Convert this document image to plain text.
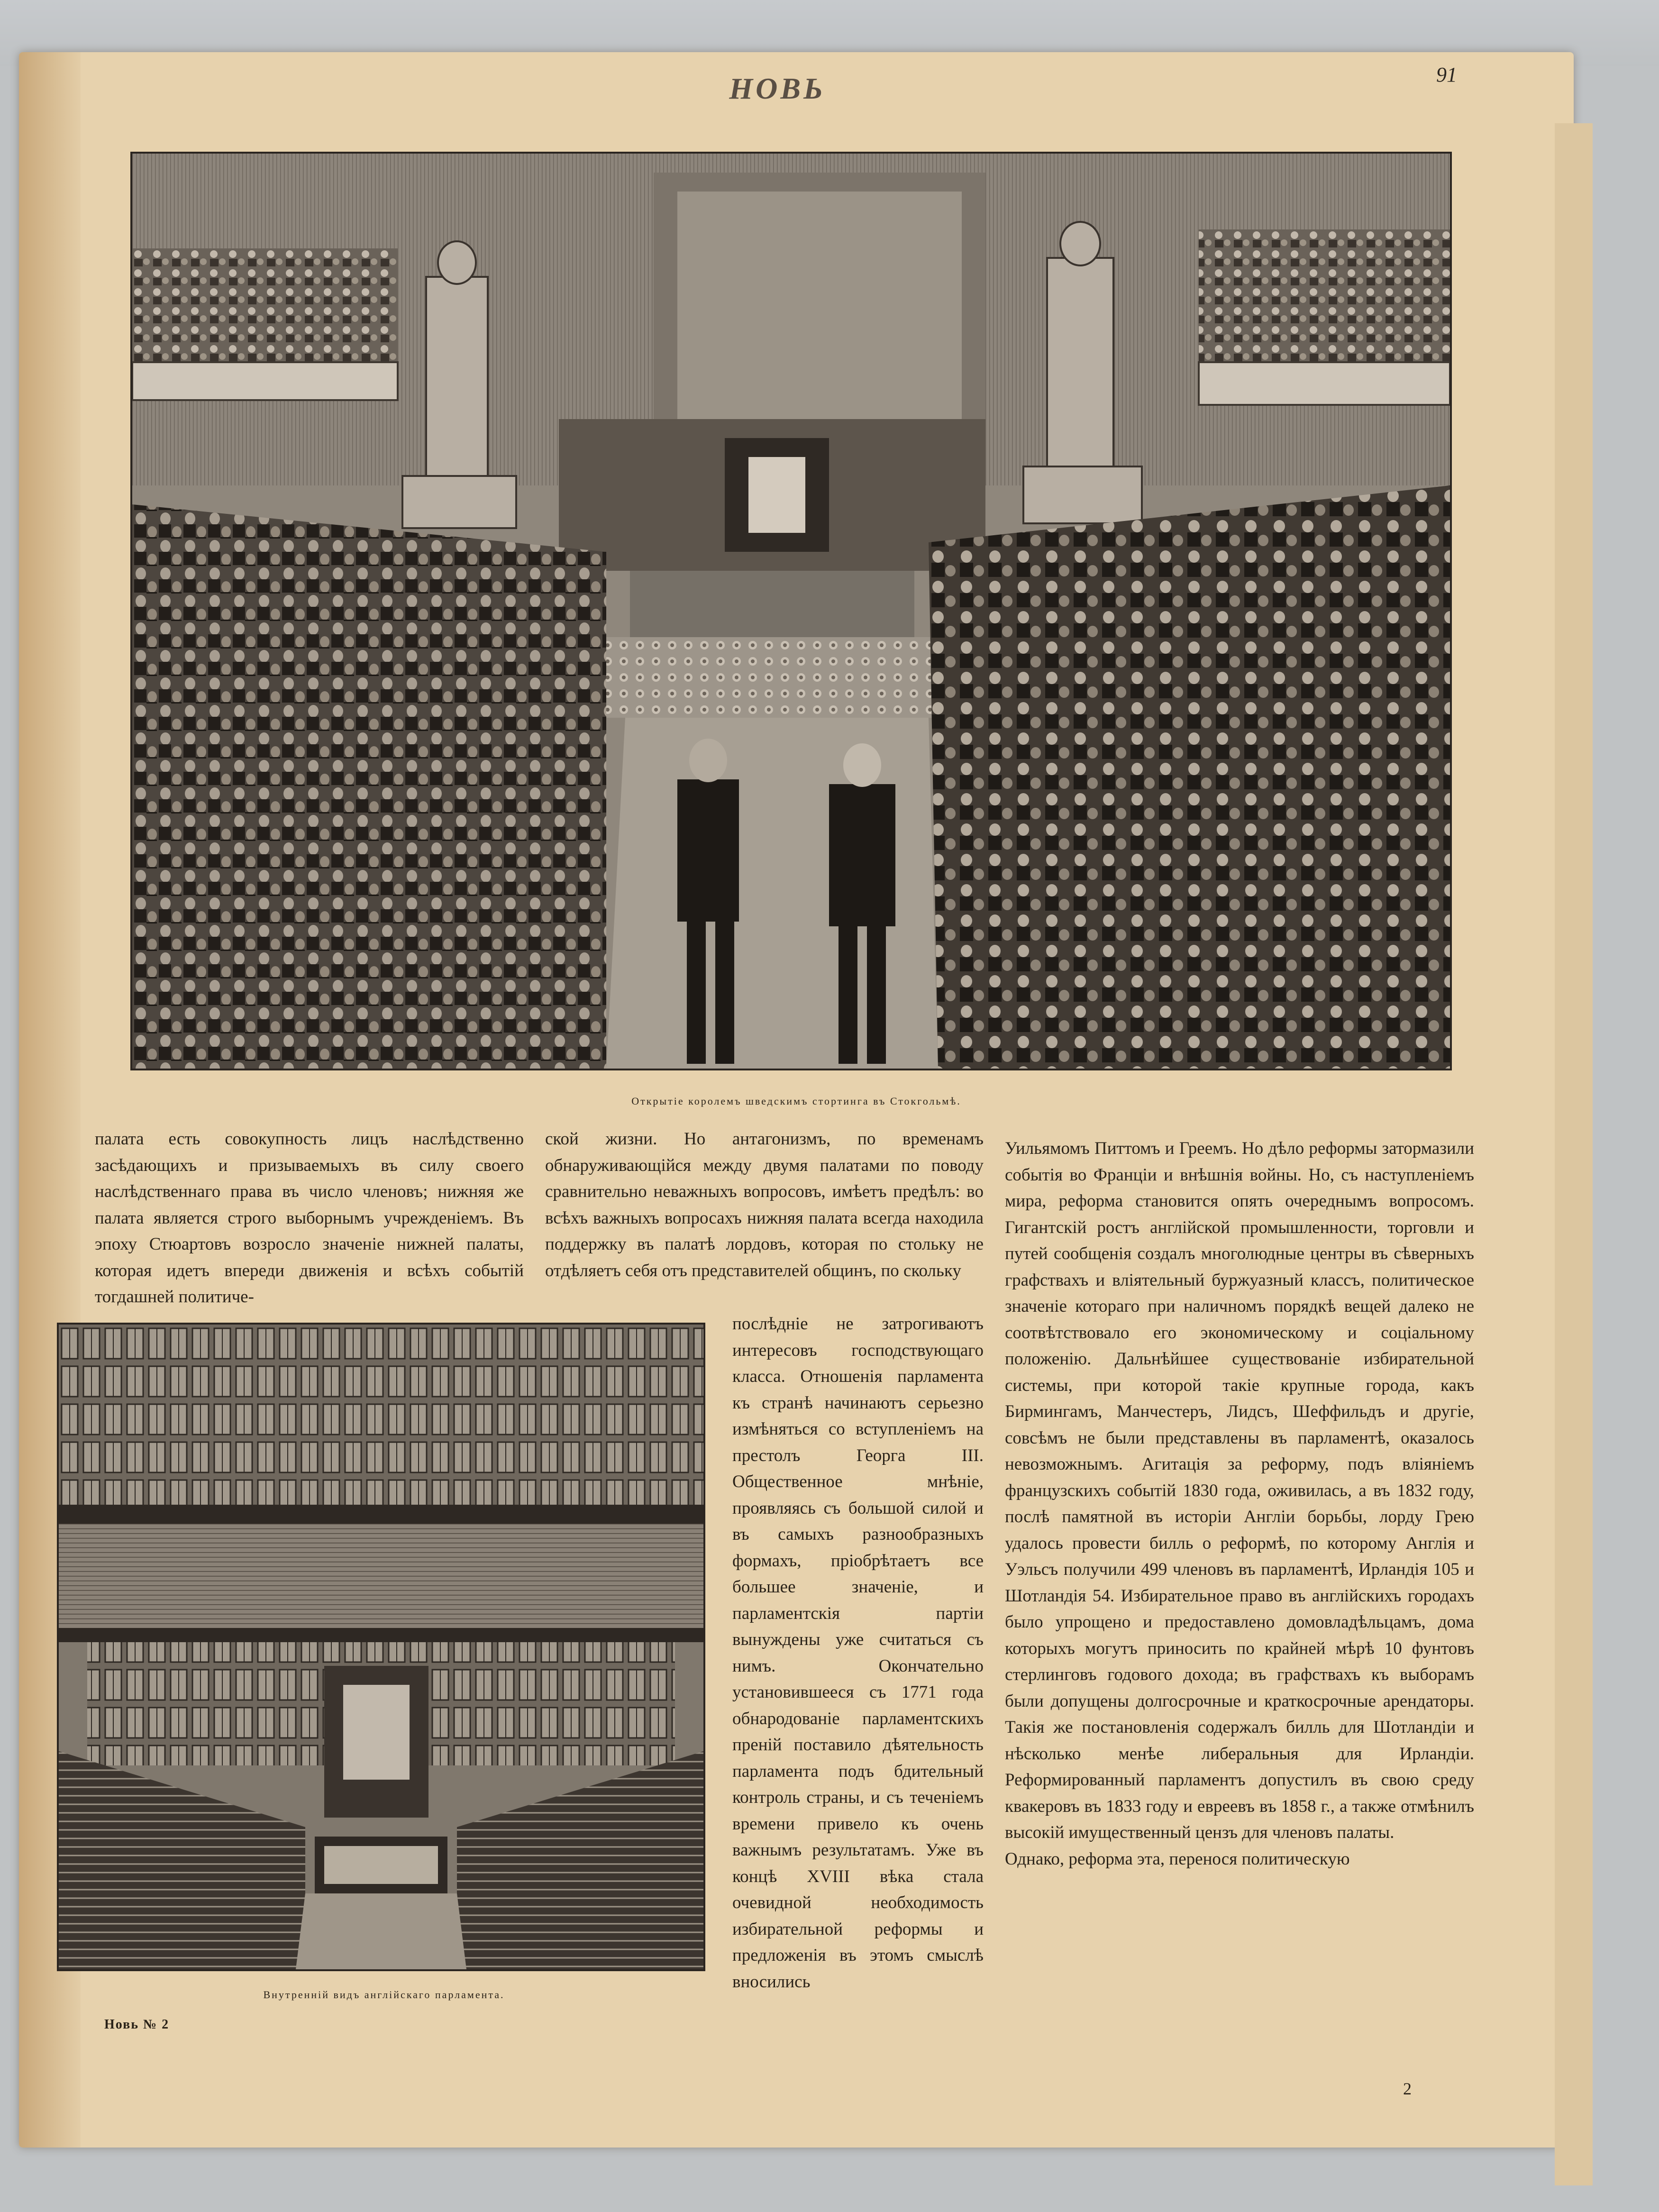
НОВЬ	91
Открытіе королемъ шведскимъ стортинга въ Стокгольмѣ.

палата есть совокупность лицъ наслѣдственно засѣдающихъ и призываемыхъ въ силу своего наслѣдственнаго права въ число членовъ; нижняя же палата является строго выборнымъ учрежденіемъ. Въ эпоху Стюартовъ возросло значеніе нижней палаты, которая идетъ впереди движенія и всѣхъ событій тогдашней политиче-

ской жизни. Но антагонизмъ, по временамъ обнаруживающійся между двумя палатами по поводу сравнительно неважныхъ вопросовъ, имѣетъ предѣлъ: во всѣхъ важныхъ вопросахъ нижняя палата всегда находила поддержку въ палатѣ лордовъ, которая по стольку не отдѣляетъ себя отъ представителей общинъ, по скольку

послѣдніе не затрогиваютъ интересовъ господствующаго класса. Отношенія парламента къ странѣ начинаютъ серьезно измѣняться со вступленіемъ на престолъ Георга III. Общественное мнѣніе, проявляясь съ большой силой и въ самыхъ разнообразныхъ формахъ, пріобрѣтаетъ все большее значеніе, и парламентскія партіи вынуждены уже считаться съ нимъ. Окончательно установившееся съ 1771 года обнародованіе парламентскихъ преній поставило дѣятельность парламента подъ бдительный контроль страны, и съ теченіемъ времени привело къ очень важнымъ результатамъ. Уже въ концѣ XVIII вѣка стала очевидной необходимость избирательной реформы и предложенія въ этомъ смыслѣ вносились

Уильямомъ Питтомъ и Греемъ. Но дѣло реформы затормазили событія во Франціи и внѣшнія войны. Но, съ наступленіемъ мира, реформа становится опять очереднымъ вопросомъ. Гигантскій ростъ англійской промышленности, торговли и путей сообщенія создалъ многолюдные центры въ сѣверныхъ графствахъ и вліятельный буржуазный классъ, политическое значеніе котораго при наличномъ порядкѣ вещей далеко не соотвѣтствовало его экономическому и соціальному положенію. Дальнѣйшее существованіе избирательной системы, при которой такіе крупные города, какъ Бирмингамъ, Манчестеръ, Лидсъ, Шеффильдъ и другіе, совсѣмъ не были представлены въ парламентѣ, оказалось невозможнымъ. Агитація за реформу, подъ вліяніемъ французскихъ событій 1830 года, оживилась, а въ 1832 году, послѣ памятной въ исторіи Англіи борьбы, лорду Грею удалось провести билль о реформѣ, по которому Англія и Уэльсъ получили 499 членовъ въ парламентѣ, Ирландія 105 и Шотландія 54. Избирательное право въ англійскихъ городахъ было упрощено и предоставлено домовладѣльцамъ, дома которыхъ могутъ приносить по крайней мѣрѣ 10 фунтовъ стерлинговъ годового дохода; въ графствахъ къ выборамъ были допущены долгосрочные и краткосрочные арендаторы. Такія же постановленія содержалъ билль для Шотландіи и нѣсколько менѣе либеральныя для Ирландіи. Реформированный парламентъ допустилъ въ свою среду квакеровъ въ 1833 году и евреевъ въ 1858 г., а также отмѣнилъ высокій имущественный цензъ для членовъ палаты.

Однако, реформа эта, перенося политическую

Внутренній видъ англійскаго парламента.
Новь № 2
2
